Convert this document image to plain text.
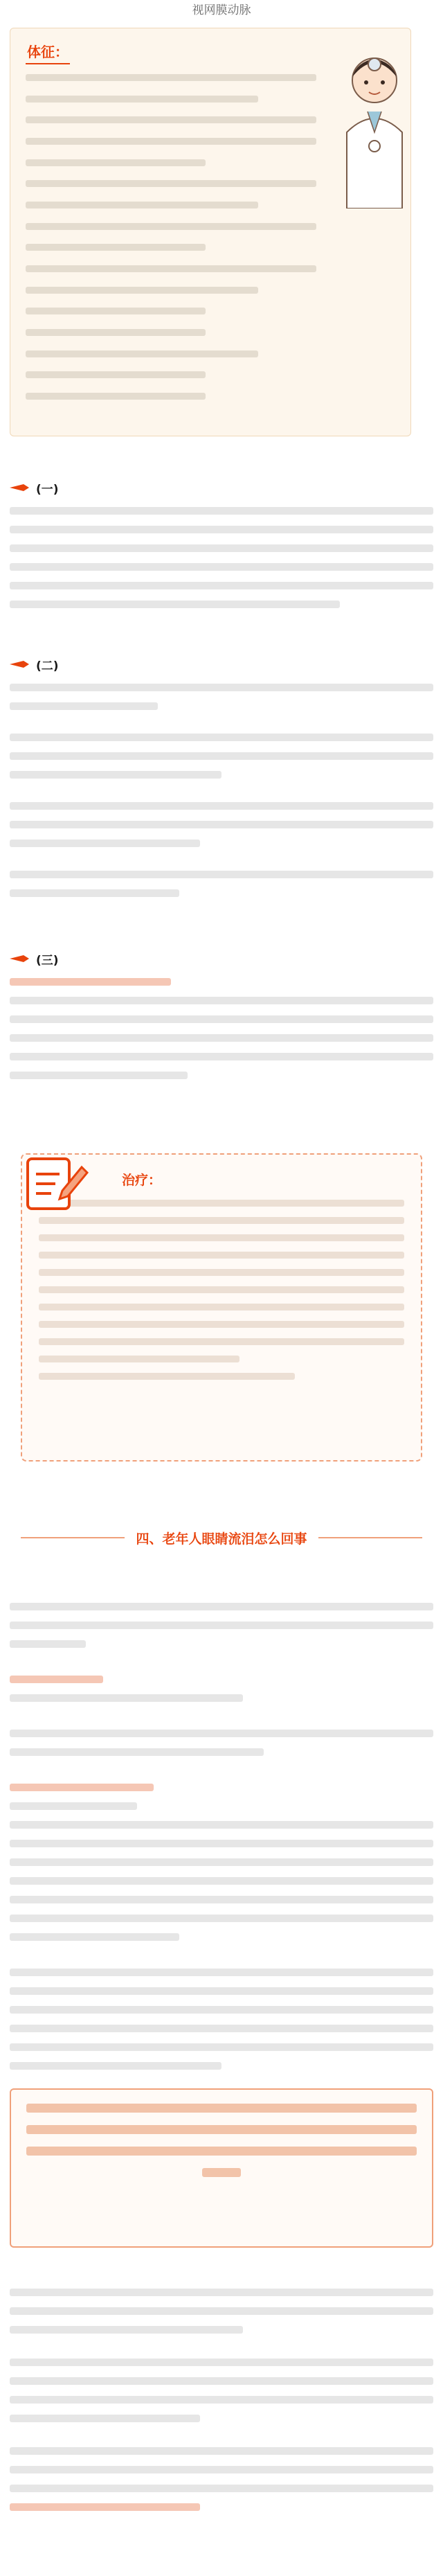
视网膜动脉
体征：
(一)
(二)
(三)
治疗：
四、老年人眼睛流泪怎么回事
